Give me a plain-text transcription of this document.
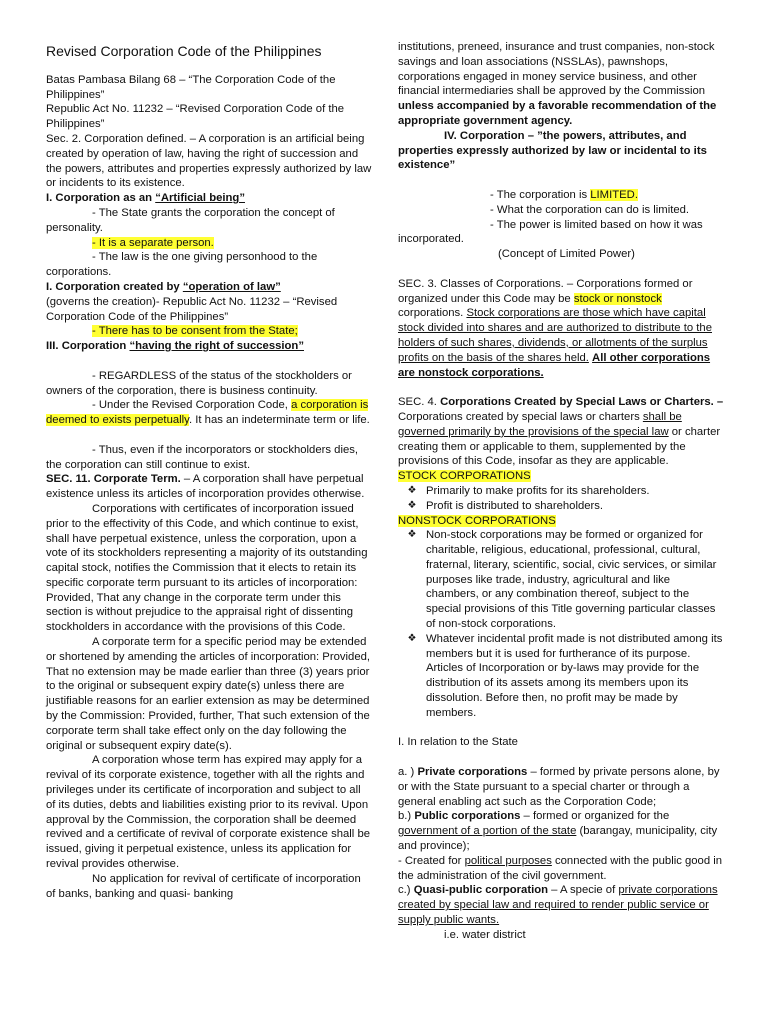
Revised Corporation Code of the Philippines

Batas Pambasa Bilang 68 – “The Corporation Code of the Philippines”

Republic Act No. 11232 – “Revised Corporation Code of the Philippines”

Sec. 2. Corporation defined. – A corporation is an artificial being created by operation of law, having the right of succession and the powers, attributes and properties expressly authorized by law or incidents to its existence.

I. Corporation as an “Artificial being”

- The State grants the corporation the concept of personality.

- It is a separate person.

- The law is the one giving personhood to the corporations.

I. Corporation created by “operation of law”

(governs the creation)- Republic Act No. 11232 – “Revised Corporation Code of the Philippines”

- There has to be consent from the State;

III. Corporation “having the right of succession”

- REGARDLESS of the status of the stockholders or owners of the corporation, there is business continuity.

- Under the Revised Corporation Code, a corporation is deemed to exists perpetually. It has an indeterminate term or life.

- Thus, even if the incorporators or stockholders dies, the corporation can still continue to exist.

SEC. 11. Corporate Term. – A corporation shall have perpetual existence unless its articles of incorporation provides otherwise.

Corporations with certificates of incorporation issued prior to the effectivity of this Code, and which continue to exist, shall have perpetual existence, unless the corporation, upon a vote of its stockholders representing a majority of its outstanding capital stock, notifies the Commission that it elects to retain its specific corporate term pursuant to its articles of incorporation: Provided, That any change in the corporate term under this section is without prejudice to the appraisal right of dissenting stockholders in accordance with the provisions of this Code.

A corporate term for a specific period may be extended or shortened by amending the articles of incorporation: Provided, That no extension may be made earlier than three (3) years prior to the original or subsequent expiry date(s) unless there are justifiable reasons for an earlier extension as may be determined by the Commission: Provided, further, That such extension of the corporate term shall take effect only on the day following the original or subsequent expiry date(s).

A corporation whose term has expired may apply for a revival of its corporate existence, together with all the rights and privileges under its certificate of incorporation and subject to all of its duties, debts and liabilities existing prior to its revival. Upon approval by the Commission, the corporation shall be deemed revived and a certificate of revival of corporate existence shall be issued, giving it perpetual existence, unless its application for revival provides otherwise.

No application for revival of certificate of incorporation of banks, banking and quasi- banking

institutions, preneed, insurance and trust companies, non-stock savings and loan associations (NSSLAs), pawnshops, corporations engaged in money service business, and other financial intermediaries shall be approved by the Commission unless accompanied by a favorable recommendation of the appropriate government agency.

IV. Corporation – ”the powers, attributes, and properties expressly authorized by law or incidental to its existence”

- The corporation is LIMITED.

- What the corporation can do is limited.

- The power is limited based on how it was incorporated.

(Concept of Limited Power)

SEC. 3. Classes of Corporations. – Corporations formed or organized under this Code may be stock or nonstock corporations. Stock corporations are those which have capital stock divided into shares and are authorized to distribute to the holders of such shares, dividends, or allotments of the surplus profits on the basis of the shares held. All other corporations are nonstock corporations.

SEC. 4. Corporations Created by Special Laws or Charters. – Corporations created by special laws or charters shall be governed primarily by the provisions of the special law or charter creating them or applicable to them, supplemented by the provisions of this Code, insofar as they are applicable.

STOCK CORPORATIONS

❖ Primarily to make profits for its shareholders.
❖ Profit is distributed to shareholders.

NONSTOCK CORPORATIONS

❖ Non-stock corporations may be formed or organized for charitable, religious, educational, professional, cultural, fraternal, literary, scientific, social, civic services, or similar purposes like trade, industry, agricultural and like chambers, or any combination thereof, subject to the special provisions of this Title governing particular classes of non-stock corporations.
❖ Whatever incidental profit made is not distributed among its members but it is used for furtherance of its purpose. Articles of Incorporation or by-laws may provide for the distribution of its assets among its members upon its dissolution. Before then, no profit may be made by members.

I. In relation to the State

a. ) Private corporations – formed by private persons alone, by or with the State pursuant to a special charter or through a general enabling act such as the Corporation Code;

b.) Public corporations – formed or organized for the government of a portion of the state (barangay, municipality, city and province);

- Created for political purposes connected with the public good in the administration of the civil government.

c.) Quasi-public corporation – A specie of private corporations created by special law and required to render public service or supply public wants.

i.e. water district
